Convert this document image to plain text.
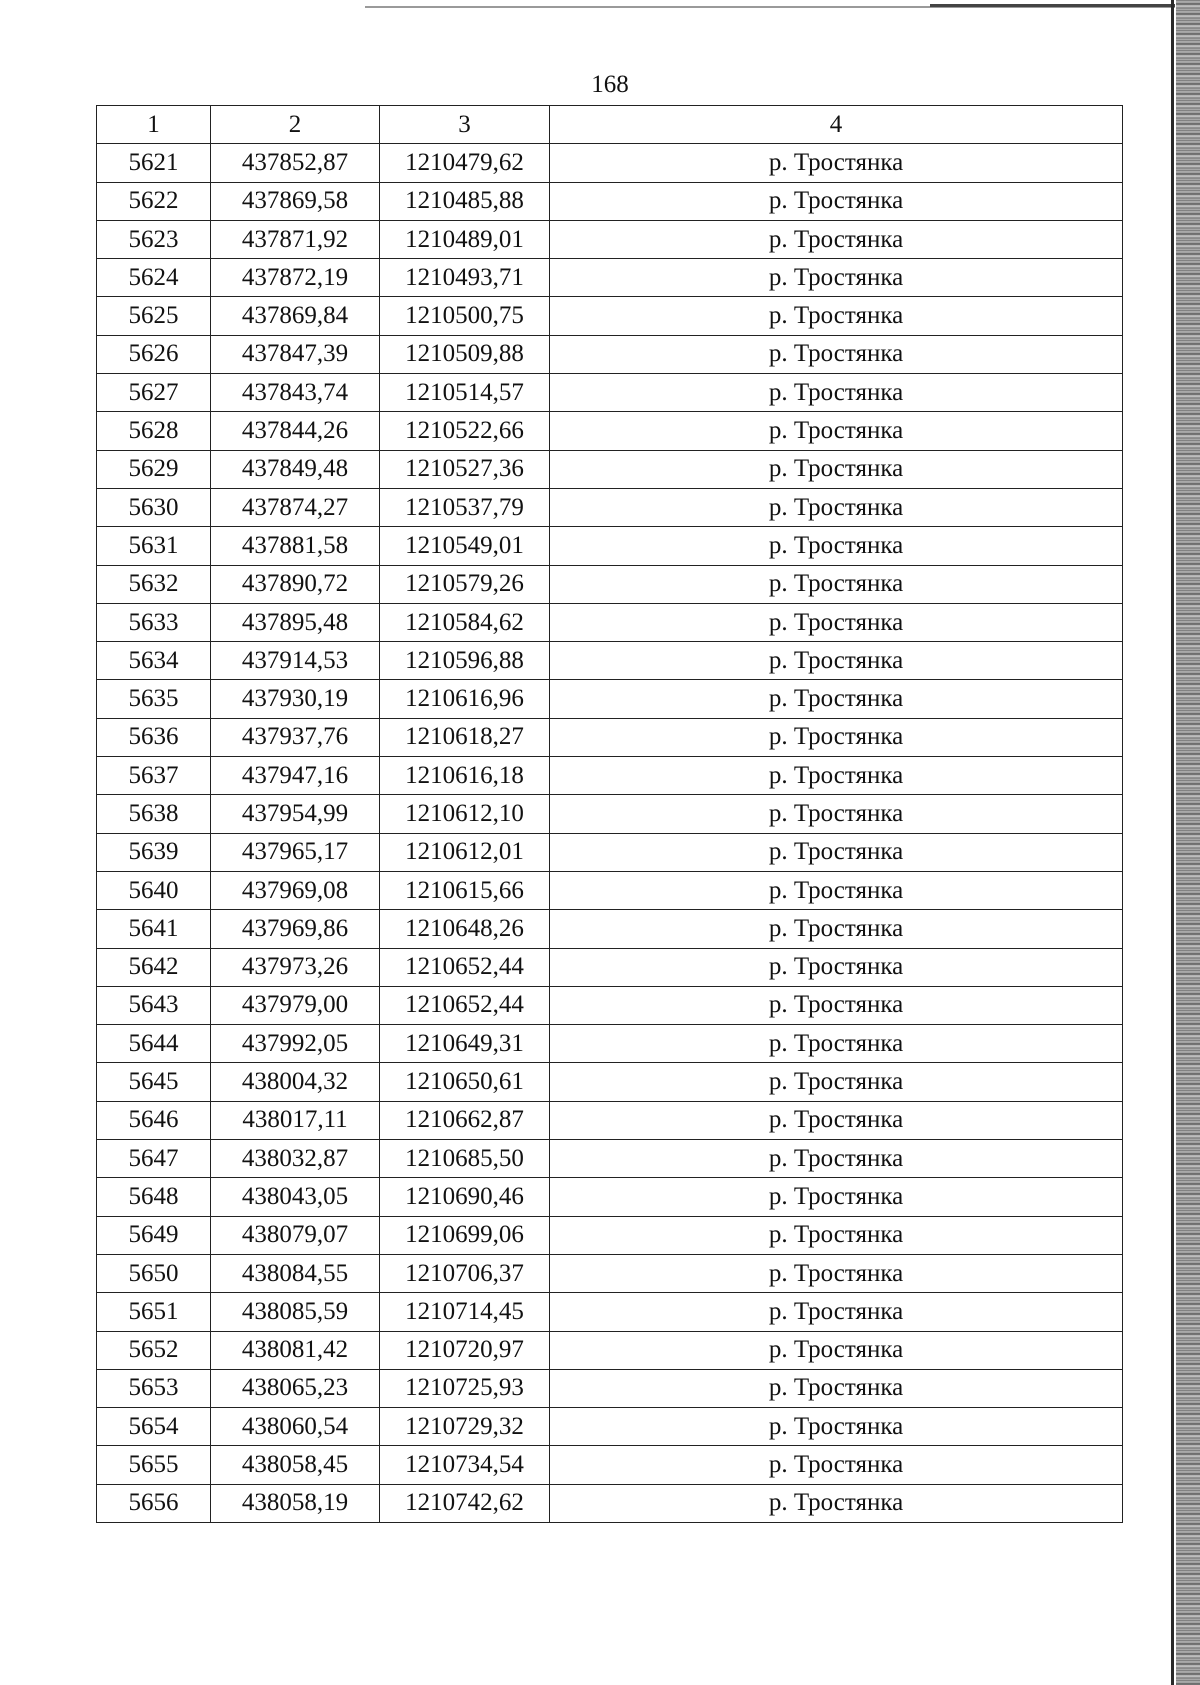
168
1	2	3	4
5621	437852,87	1210479,62	р. Тростянка
5622	437869,58	1210485,88	р. Тростянка
5623	437871,92	1210489,01	р. Тростянка
5624	437872,19	1210493,71	р. Тростянка
5625	437869,84	1210500,75	р. Тростянка
5626	437847,39	1210509,88	р. Тростянка
5627	437843,74	1210514,57	р. Тростянка
5628	437844,26	1210522,66	р. Тростянка
5629	437849,48	1210527,36	р. Тростянка
5630	437874,27	1210537,79	р. Тростянка
5631	437881,58	1210549,01	р. Тростянка
5632	437890,72	1210579,26	р. Тростянка
5633	437895,48	1210584,62	р. Тростянка
5634	437914,53	1210596,88	р. Тростянка
5635	437930,19	1210616,96	р. Тростянка
5636	437937,76	1210618,27	р. Тростянка
5637	437947,16	1210616,18	р. Тростянка
5638	437954,99	1210612,10	р. Тростянка
5639	437965,17	1210612,01	р. Тростянка
5640	437969,08	1210615,66	р. Тростянка
5641	437969,86	1210648,26	р. Тростянка
5642	437973,26	1210652,44	р. Тростянка
5643	437979,00	1210652,44	р. Тростянка
5644	437992,05	1210649,31	р. Тростянка
5645	438004,32	1210650,61	р. Тростянка
5646	438017,11	1210662,87	р. Тростянка
5647	438032,87	1210685,50	р. Тростянка
5648	438043,05	1210690,46	р. Тростянка
5649	438079,07	1210699,06	р. Тростянка
5650	438084,55	1210706,37	р. Тростянка
5651	438085,59	1210714,45	р. Тростянка
5652	438081,42	1210720,97	р. Тростянка
5653	438065,23	1210725,93	р. Тростянка
5654	438060,54	1210729,32	р. Тростянка
5655	438058,45	1210734,54	р. Тростянка
5656	438058,19	1210742,62	р. Тростянка
